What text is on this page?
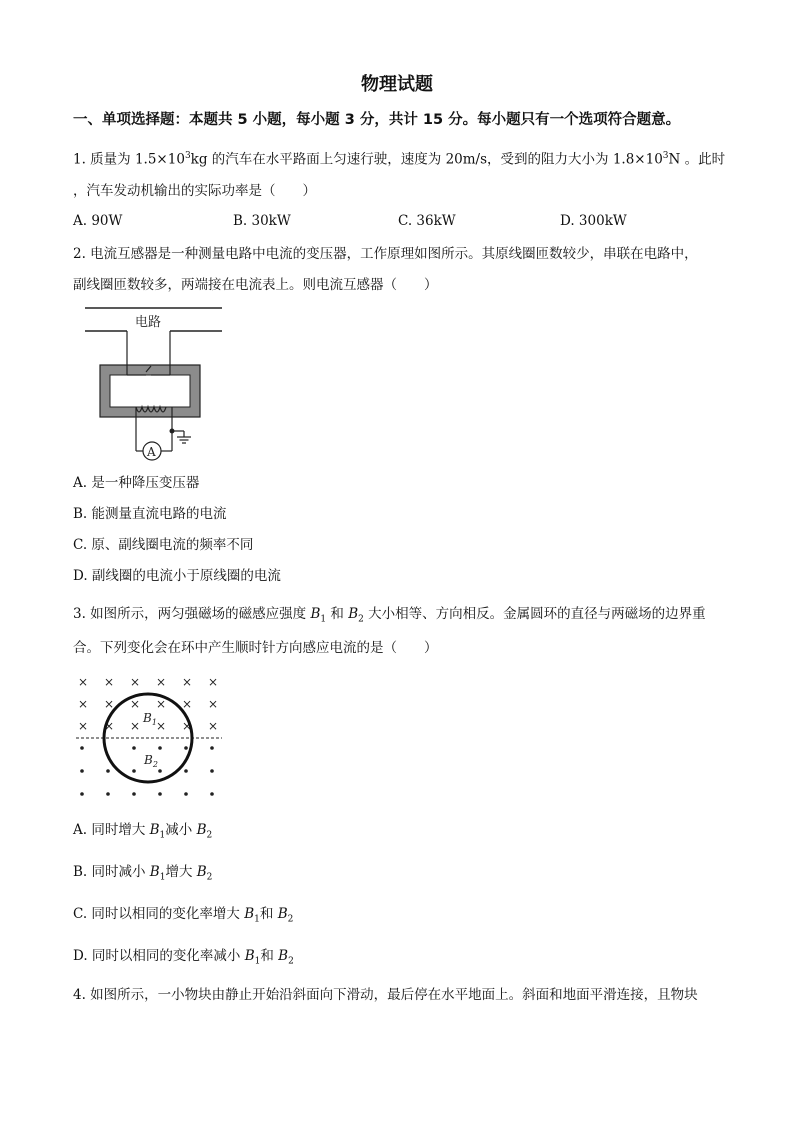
物理试题
一、单项选择题：本题共 5 小题，每小题 3 分，共计 15 分。每小题只有一个选项符合题意。
1. 质量为 $1.5\times 10^3kg$ 的汽车在水平路面上匀速行驶，速度为 20m/s，受到的阻力大小为 $1.8\times 10^3N$ 。此时
，汽车发动机输出的实际功率是（　　）
A. 90W	B. 30kW	C. 36kW	D. 300kW
2. 电流互感器是一种测量电路中电流的变压器，工作原理如图所示。其原线圈匝数较少，串联在电路中，
副线圈匝数较多，两端接在电流表上。则电流互感器（　　）
电路
A
A. 是一种降压变压器
B. 能测量直流电路的电流
C. 原、副线圈电流的频率不同
D. 副线圈的电流小于原线圈的电流
3. 如图所示，两匀强磁场的磁感应强度 $B_1$ 和 $B_2$ 大小相等、方向相反。金属圆环的直径与两磁场的边界重
合。下列变化会在环中产生顺时针方向感应电流的是（　　）
× × × × × ×
× × × × × ×
× × × × × ×
$B_1$
$B_2$
A. 同时增大 $B_1$减小 $B_2$
B. 同时减小 $B_1$增大 $B_2$
C. 同时以相同的变化率增大 $B_1$和 $B_2$
D. 同时以相同的变化率减小 $B_1$和 $B_2$
4. 如图所示，一小物块由静止开始沿斜面向下滑动，最后停在水平地面上。斜面和地面平滑连接，且物块
